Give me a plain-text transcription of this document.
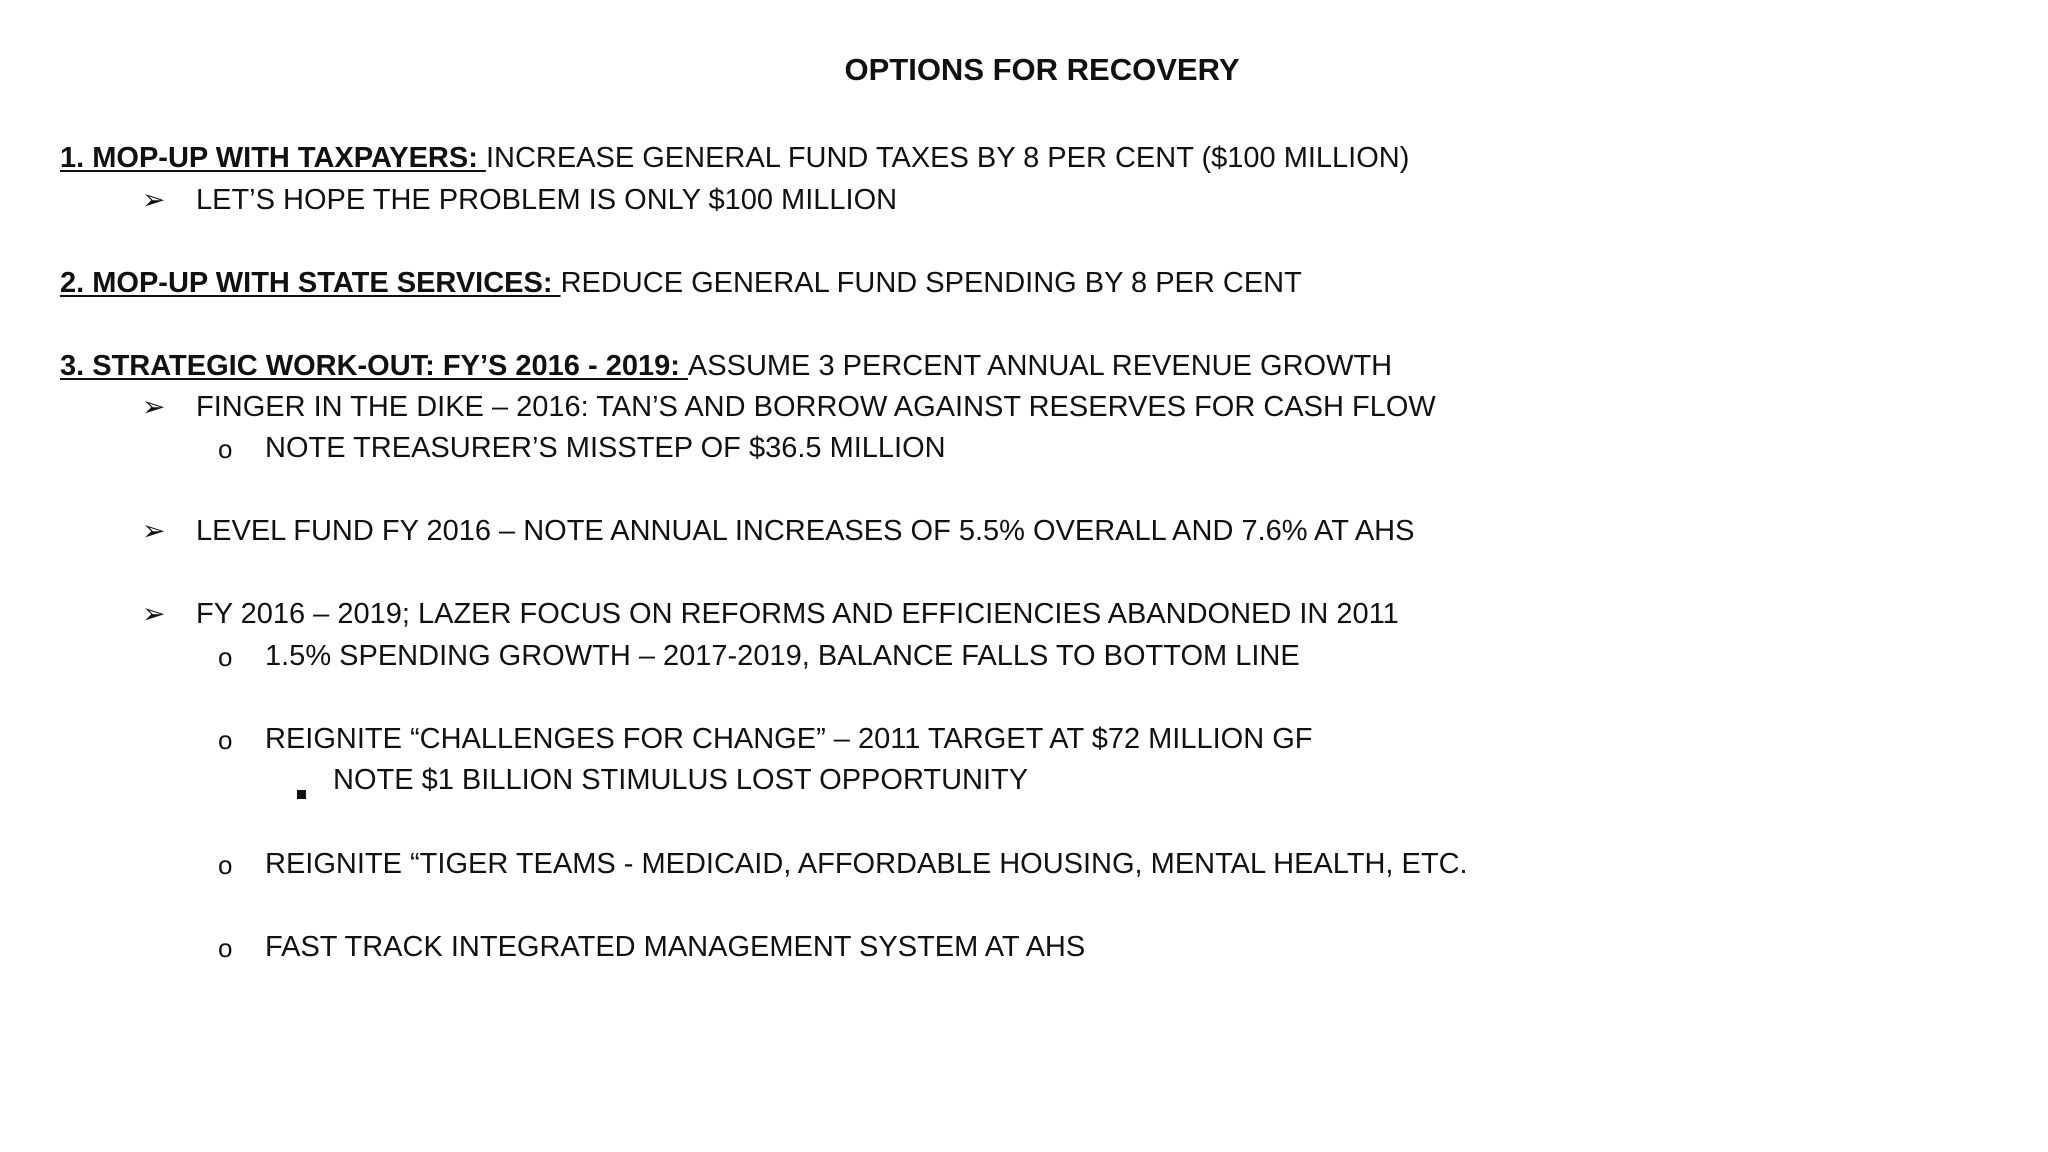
OPTIONS FOR RECOVERY
1. MOP-UP WITH TAXPAYERS: INCREASE GENERAL FUND TAXES BY 8 PER CENT ($100 MILLION)
➢ LET’S HOPE THE PROBLEM IS ONLY $100 MILLION
2. MOP-UP WITH STATE SERVICES: REDUCE GENERAL FUND SPENDING BY 8 PER CENT
3. STRATEGIC WORK-OUT: FY’S 2016 - 2019: ASSUME 3 PERCENT ANNUAL REVENUE GROWTH
➢ FINGER IN THE DIKE – 2016: TAN’S AND BORROW AGAINST RESERVES FOR CASH FLOW
o NOTE TREASURER’S MISSTEP OF $36.5 MILLION
➢ LEVEL FUND FY 2016 – NOTE ANNUAL INCREASES OF 5.5% OVERALL AND 7.6% AT AHS
➢ FY 2016 – 2019; LAZER FOCUS ON REFORMS AND EFFICIENCIES ABANDONED IN 2011
o 1.5% SPENDING GROWTH – 2017-2019, BALANCE FALLS TO BOTTOM LINE
o REIGNITE “CHALLENGES FOR CHANGE” – 2011 TARGET AT $72 MILLION GF
NOTE $1 BILLION STIMULUS LOST OPPORTUNITY
o REIGNITE “TIGER TEAMS - MEDICAID, AFFORDABLE HOUSING, MENTAL HEALTH, ETC.
o FAST TRACK INTEGRATED MANAGEMENT SYSTEM AT AHS
